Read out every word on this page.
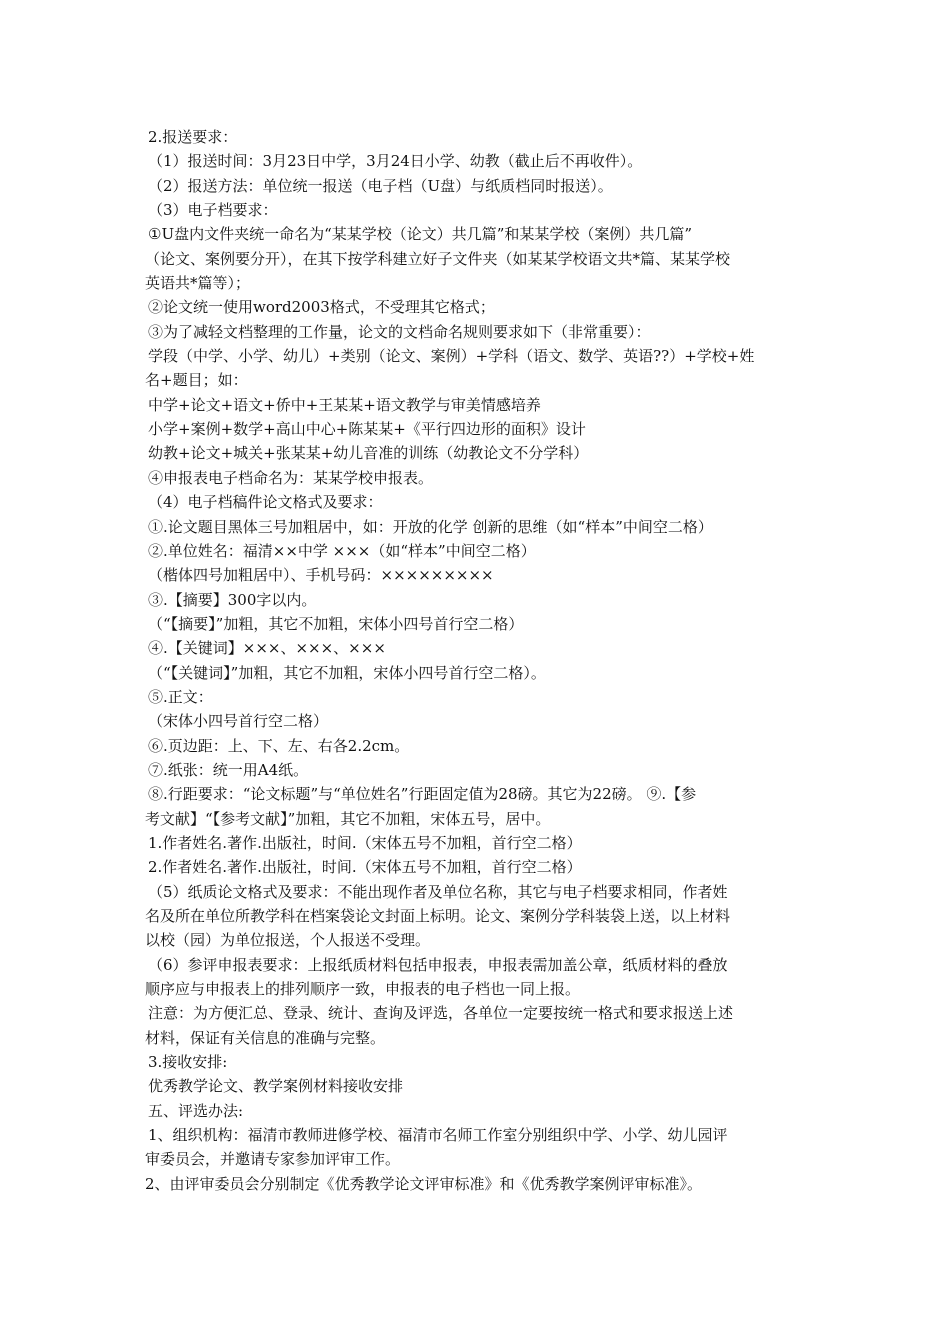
2.报送要求：
（1）报送时间：3月23日中学，3月24日小学、幼教（截止后不再收件）。
（2）报送方法：单位统一报送（电子档（U盘）与纸质档同时报送）。
（3）电子档要求：
①U盘内文件夹统一命名为“某某学校（论文）共几篇”和某某学校（案例）共几篇”
（论文、案例要分开），在其下按学科建立好子文件夹（如某某学校语文共*篇、某某学校
英语共*篇等）；
②论文统一使用word2003格式，不受理其它格式；
③为了减轻文档整理的工作量，论文的文档命名规则要求如下（非常重要）：
学段（中学、小学、幼儿）+类别（论文、案例）+学科（语文、数学、英语??）+学校+姓
名+题目；如：
中学+论文+语文+侨中+王某某+语文教学与审美情感培养
小学+案例+数学+高山中心+陈某某+《平行四边形的面积》设计
幼教+论文+城关+张某某+幼儿音准的训练（幼教论文不分学科）
④申报表电子档命名为：某某学校申报表。
（4）电子档稿件论文格式及要求：
①.论文题目黑体三号加粗居中，如：开放的化学 创新的思维（如“样本”中间空二格）
②.单位姓名：福清××中学 ×××（如“样本”中间空二格）
（楷体四号加粗居中）、手机号码：×××××××××
③.【摘要】300字以内。
（“【摘要】”加粗，其它不加粗，宋体小四号首行空二格）
④.【关键词】×××、×××、×××
（“【关键词】”加粗，其它不加粗，宋体小四号首行空二格）。
⑤.正文：
（宋体小四号首行空二格）
⑥.页边距：上、下、左、右各2.2cm。
⑦.纸张：统一用A4纸。
⑧.行距要求：“论文标题”与“单位姓名”行距固定值为28磅。其它为22磅。 ⑨.【参
考文献】“【参考文献】”加粗，其它不加粗，宋体五号，居中。
1.作者姓名.著作.出版社，时间.（宋体五号不加粗，首行空二格）
2.作者姓名.著作.出版社，时间.（宋体五号不加粗，首行空二格）
（5）纸质论文格式及要求：不能出现作者及单位名称，其它与电子档要求相同，作者姓
名及所在单位所教学科在档案袋论文封面上标明。论文、案例分学科装袋上送，以上材料
以校（园）为单位报送，个人报送不受理。
（6）参评申报表要求：上报纸质材料包括申报表，申报表需加盖公章，纸质材料的叠放
顺序应与申报表上的排列顺序一致，申报表的电子档也一同上报。
注意：为方便汇总、登录、统计、查询及评选，各单位一定要按统一格式和要求报送上述
材料，保证有关信息的准确与完整。
3.接收安排:
优秀教学论文、教学案例材料接收安排
五、评选办法:
1、组织机构：福清市教师进修学校、福清市名师工作室分别组织中学、小学、幼儿园评
审委员会，并邀请专家参加评审工作。
2、由评审委员会分别制定《优秀教学论文评审标准》和《优秀教学案例评审标准》。
